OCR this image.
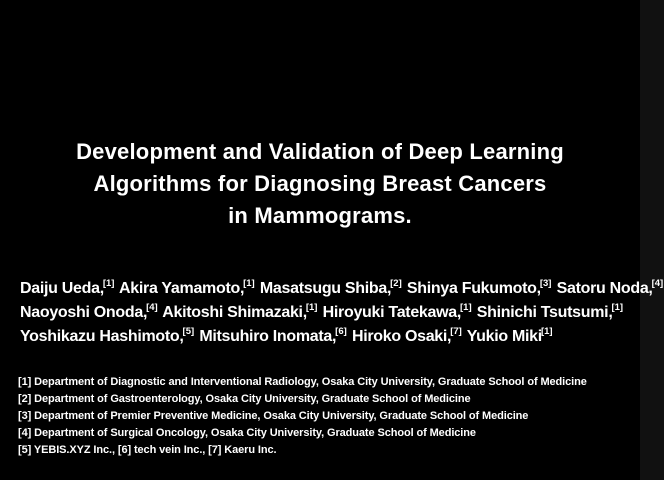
Development and Validation of Deep Learning
Algorithms for Diagnosing Breast Cancers
in Mammograms.
Daiju Ueda,[1] Akira Yamamoto,[1] Masatsugu Shiba,[2] Shinya Fukumoto,[3] Satoru Noda,[4]
Naoyoshi Onoda,[4] Akitoshi Shimazaki,[1] Hiroyuki Tatekawa,[1] Shinichi Tsutsumi,[1]
Yoshikazu Hashimoto,[5] Mitsuhiro Inomata,[6] Hiroko Osaki,[7] Yukio Miki[1]
[1] Department of Diagnostic and Interventional Radiology, Osaka City University, Graduate School of Medicine
[2] Department of Gastroenterology, Osaka City University, Graduate School of Medicine
[3] Department of Premier Preventive Medicine, Osaka City University, Graduate School of Medicine
[4] Department of Surgical Oncology, Osaka City University, Graduate School of Medicine
[5] YEBIS.XYZ Inc., [6] tech vein Inc., [7] Kaeru Inc.
